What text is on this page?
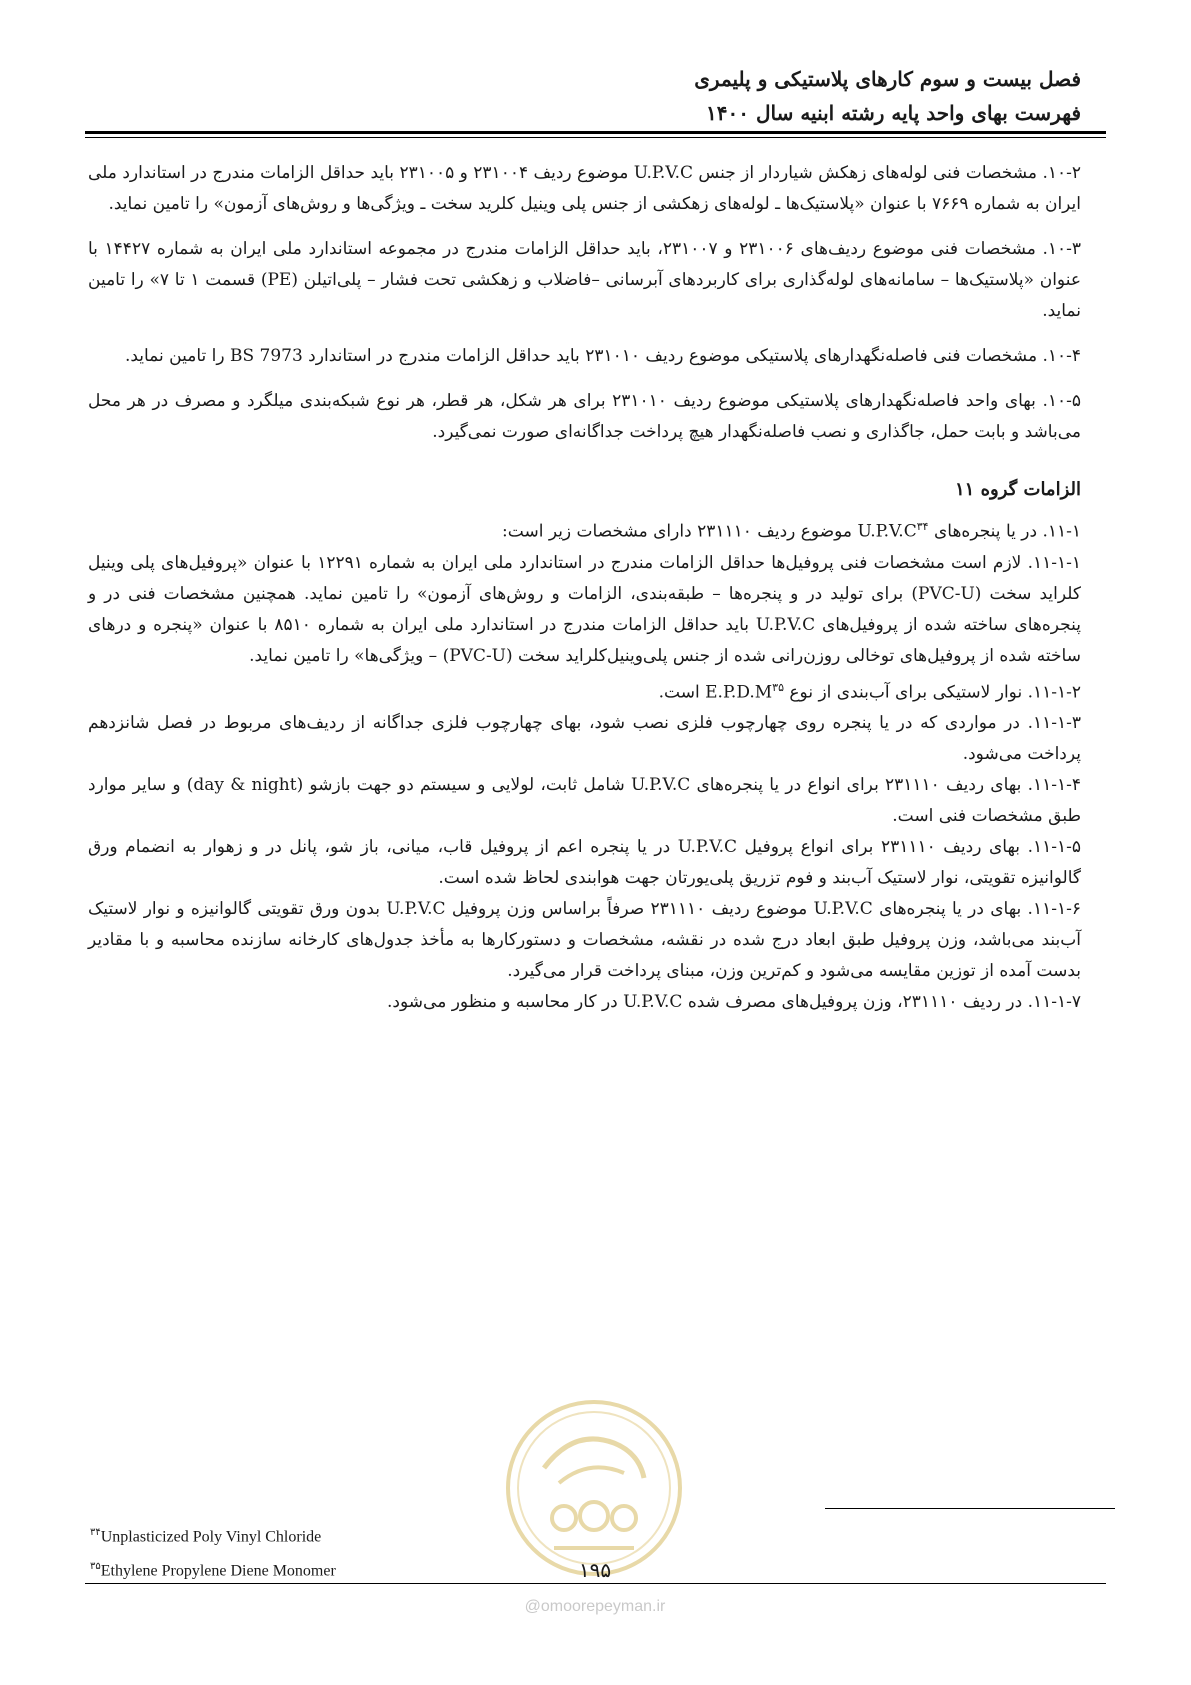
فصل بیست و سوم کارهای پلاستیکی و پلیمری
فهرست بهای واحد پایه رشته ابنیه سال ۱۴۰۰

۱۰-۲. مشخصات فنی لوله‌های زهکش شیاردار از جنس U.P.V.C موضوع ردیف ۲۳۱۰۰۴ و ۲۳۱۰۰۵ باید حداقل الزامات مندرج در استاندارد ملی ایران به شماره ۷۶۶۹ با عنوان «پلاستیک‌ها ـ لوله‌های زهکشی از جنس پلی وینیل کلرید سخت ـ ویژگی‌ها و روش‌های آزمون» را تامین نماید.

۱۰-۳. مشخصات فنی موضوع ردیف‌های ۲۳۱۰۰۶ و ۲۳۱۰۰۷، باید حداقل الزامات مندرج در مجموعه استاندارد ملی ایران به شماره ۱۴۴۲۷ با عنوان «پلاستیک‌ها – سامانه‌های لوله‌گذاری برای کاربردهای آبرسانی –فاضلاب و زهکشی تحت فشار – پلی‌اتیلن (PE) قسمت ۱ تا ۷» را تامین نماید.

۱۰-۴. مشخصات فنی فاصله‌نگهدارهای پلاستیکی موضوع ردیف ۲۳۱۰۱۰ باید حداقل الزامات مندرج در استاندارد BS 7973 را تامین نماید.

۱۰-۵. بهای واحد فاصله‌نگهدارهای پلاستیکی موضوع ردیف ۲۳۱۰۱۰ برای هر شکل، هر قطر، هر نوع شبکه‌بندی میلگرد و مصرف در هر محل می‌باشد و بابت حمل، جاگذاری و نصب فاصله‌نگهدار هیچ پرداخت جداگانه‌ای صورت نمی‌گیرد.

الزامات گروه ۱۱

۱۱-۱. در یا پنجره‌های $U.P.V.C^{۳۴}$ موضوع ردیف ۲۳۱۱۱۰ دارای مشخصات زیر است:

۱۱-۱-۱. لازم است مشخصات فنی پروفیل‌ها حداقل الزامات مندرج در استاندارد ملی ایران به شماره ۱۲۲۹۱ با عنوان «پروفیل‌های پلی وینیل کلراید سخت (PVC-U) برای تولید در و پنجره‌ها – طبقه‌بندی، الزامات و روش‌های آزمون» را تامین نماید. همچنین مشخصات فنی در و پنجره‌های ساخته شده از پروفیل‌های U.P.V.C باید حداقل الزامات مندرج در استاندارد ملی ایران به شماره ۸۵۱۰ با عنوان «پنجره و درهای ساخته شده از پروفیل‌های توخالی روزن‌رانی شده از جنس پلی‌وینیل‌کلراید سخت (PVC-U) – ویژگی‌ها» را تامین نماید.

۱۱-۱-۲. نوار لاستیکی برای آب‌بندی از نوع $E.P.D.M^{۳۵}$ است.

۱۱-۱-۳. در مواردی که در یا پنجره روی چهارچوب فلزی نصب شود، بهای چهارچوب فلزی جداگانه از ردیف‌های مربوط در فصل شانزدهم پرداخت می‌شود.

۱۱-۱-۴. بهای ردیف ۲۳۱۱۱۰ برای انواع در یا پنجره‌های U.P.V.C شامل ثابت، لولایی و سیستم دو جهت بازشو (day & night) و سایر موارد طبق مشخصات فنی است.

۱۱-۱-۵. بهای ردیف ۲۳۱۱۱۰ برای انواع پروفیل U.P.V.C در یا پنجره اعم از پروفیل قاب، میانی، باز شو، پانل در و زهوار به انضمام ورق گالوانیزه تقویتی، نوار لاستیک آب‌بند و فوم تزریق پلی‌یورتان جهت هوابندی لحاظ شده است.

۱۱-۱-۶. بهای در یا پنجره‌های U.P.V.C موضوع ردیف ۲۳۱۱۱۰ صرفاً براساس وزن پروفیل U.P.V.C بدون ورق تقویتی گالوانیزه و نوار لاستیک آب‌بند می‌باشد، وزن پروفیل طبق ابعاد درج شده در نقشه، مشخصات و دستورکارها به مأخذ جدول‌های کارخانه سازنده محاسبه و با مقادیر بدست آمده از توزین مقایسه می‌شود و کم‌ترین وزن، مبنای پرداخت قرار می‌گیرد.

۱۱-۱-۷. در ردیف ۲۳۱۱۱۰، وزن پروفیل‌های مصرف شده U.P.V.C در کار محاسبه و منظور می‌شود.

$^{۳۴}$Unplasticized Poly Vinyl Chloride
$^{۳۵}$Ethylene Propylene Diene Monomer	۱۹۵
@omoorepeyman.ir
